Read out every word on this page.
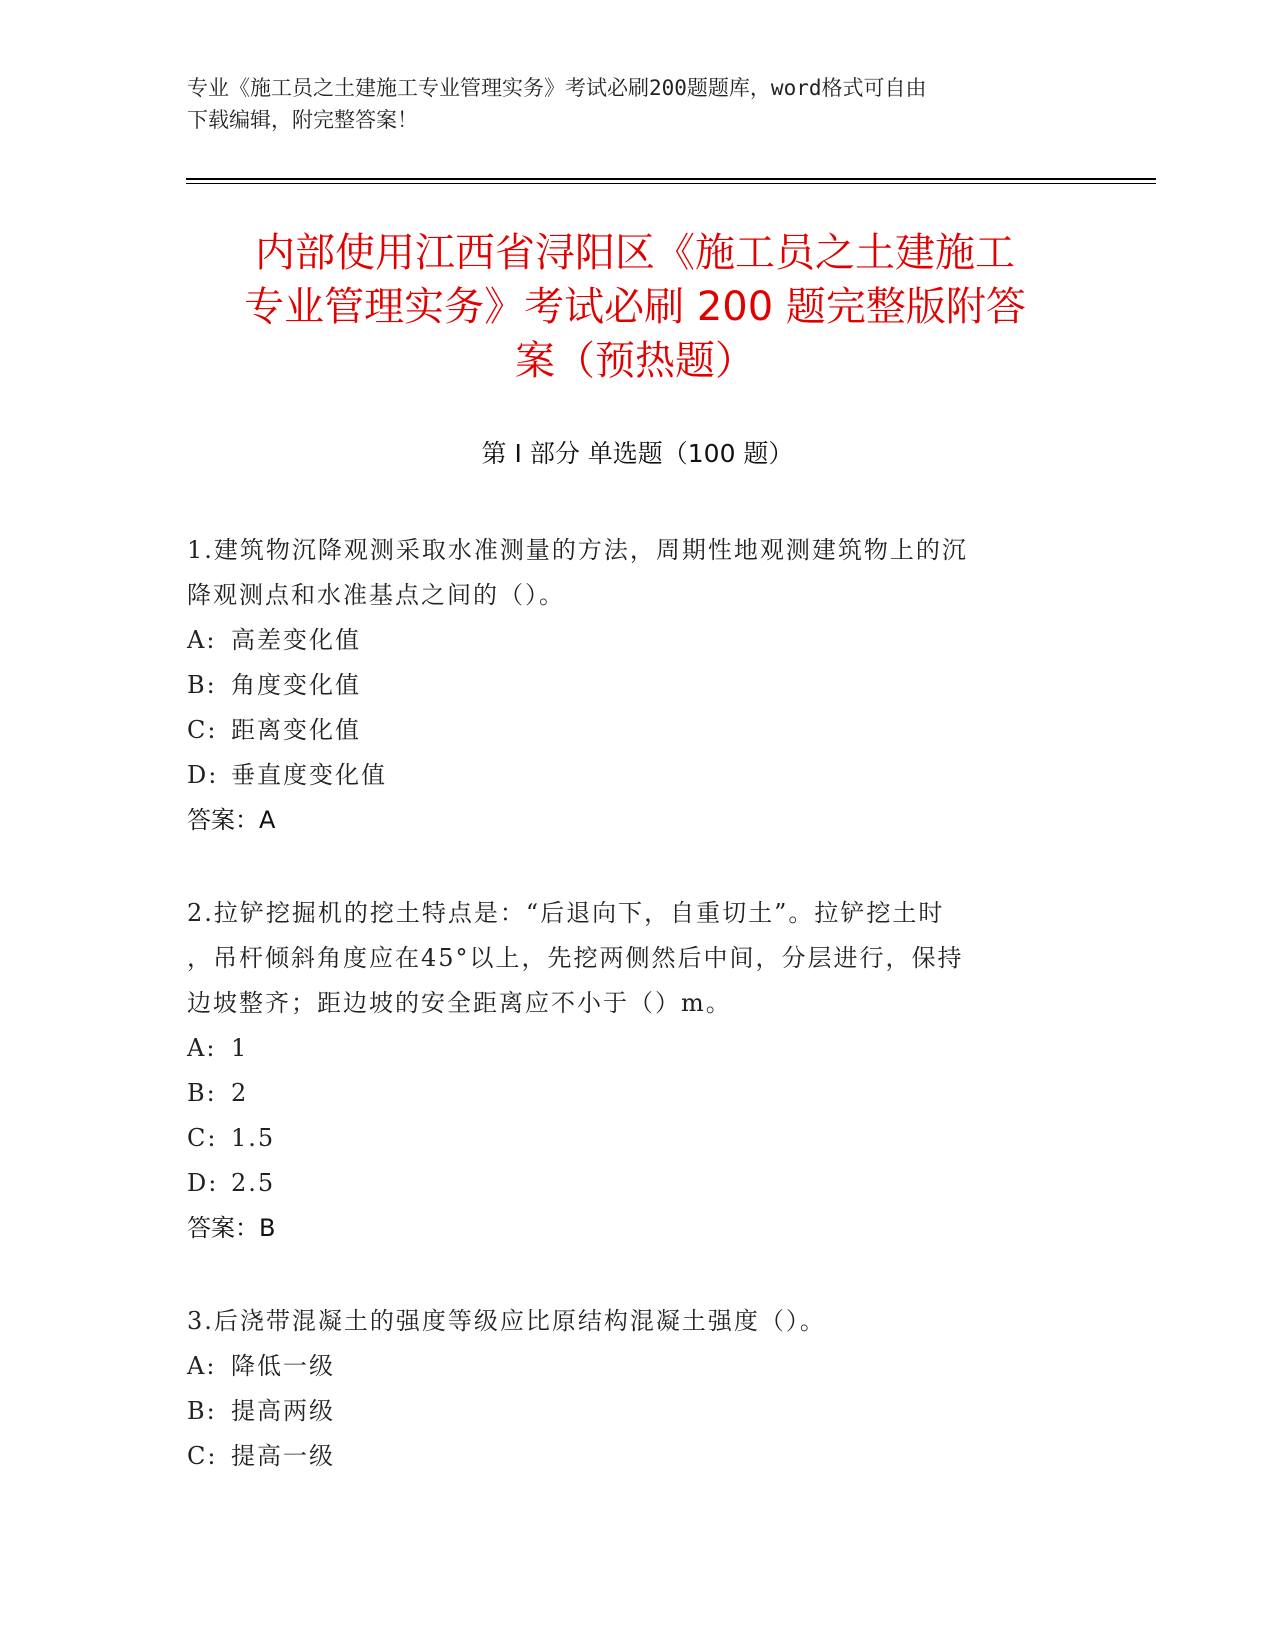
专业《施工员之土建施工专业管理实务》考试必刷200题题库，word格式可自由
下载编辑，附完整答案！
内部使用江西省浔阳区《施工员之土建施工
专业管理实务》考试必刷 200 题完整版附答
案（预热题）
第 I 部分 单选题（100 题）
1.建筑物沉降观测采取水准测量的方法，周期性地观测建筑物上的沉
降观测点和水准基点之间的（）。
A: 高差变化值
B: 角度变化值
C: 距离变化值
D: 垂直度变化值
答案：A
2.拉铲挖掘机的挖土特点是：“后退向下，自重切土”。拉铲挖土时
，吊杆倾斜角度应在45°以上，先挖两侧然后中间，分层进行，保持
边坡整齐；距边坡的安全距离应不小于（）m。
A: 1
B: 2
C: 1.5
D: 2.5
答案：B
3.后浇带混凝土的强度等级应比原结构混凝土强度（）。
A: 降低一级
B: 提高两级
C: 提高一级
